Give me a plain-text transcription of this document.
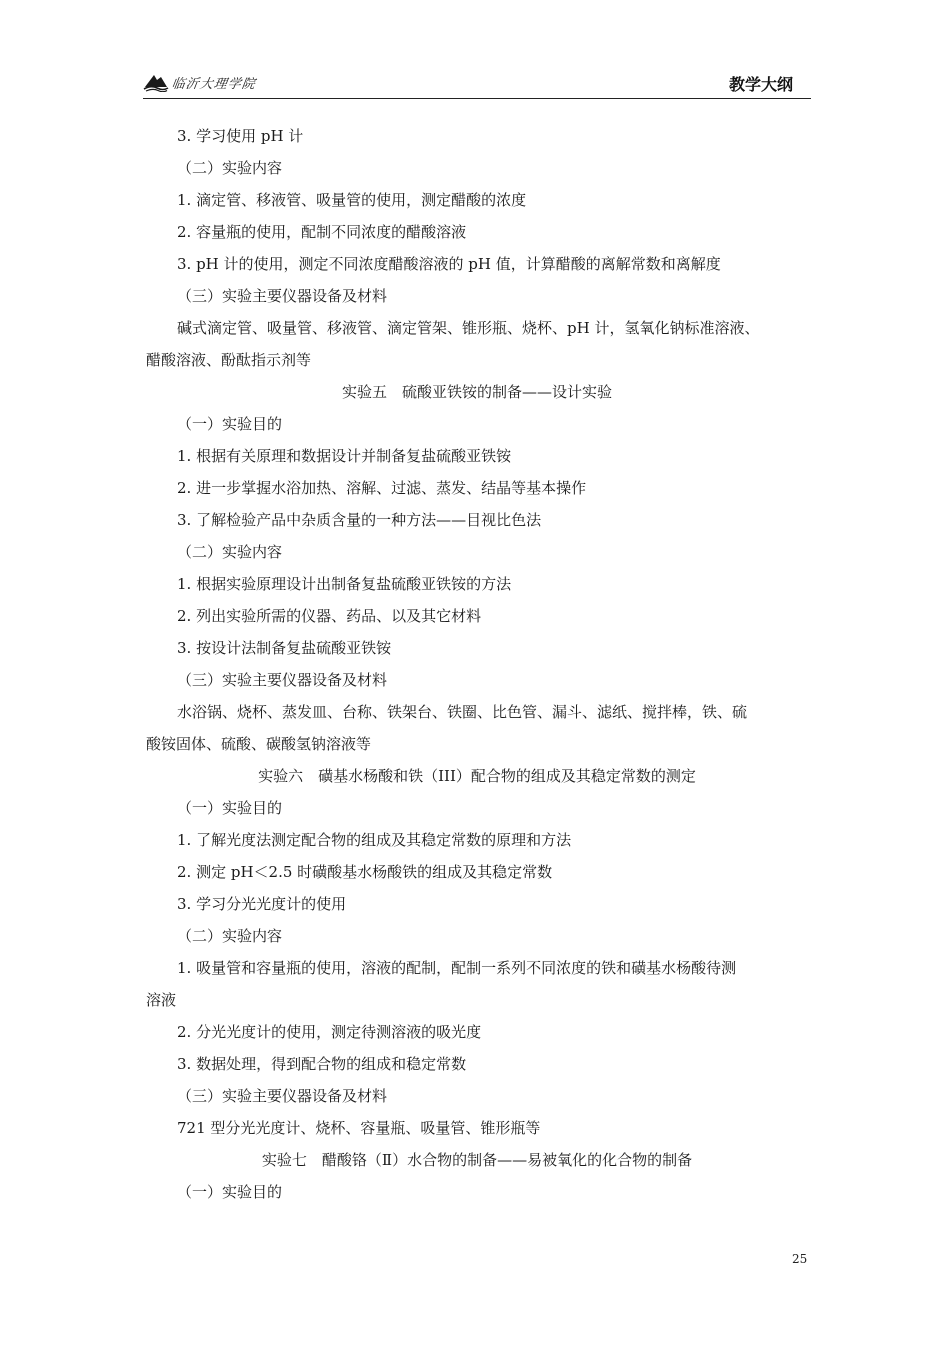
临沂大理学院	教学大纲
3. 学习使用 pH 计
（二）实验内容
1. 滴定管、移液管、吸量管的使用，测定醋酸的浓度
2. 容量瓶的使用，配制不同浓度的醋酸溶液
3. pH 计的使用，测定不同浓度醋酸溶液的 pH 值，计算醋酸的离解常数和离解度
（三）实验主要仪器设备及材料
碱式滴定管、吸量管、移液管、滴定管架、锥形瓶、烧杯、pH 计，氢氧化钠标准溶液、
醋酸溶液、酚酞指示剂等
实验五　硫酸亚铁铵的制备——设计实验
（一）实验目的
1. 根据有关原理和数据设计并制备复盐硫酸亚铁铵
2. 进一步掌握水浴加热、溶解、过滤、蒸发、结晶等基本操作
3. 了解检验产品中杂质含量的一种方法——目视比色法
（二）实验内容
1. 根据实验原理设计出制备复盐硫酸亚铁铵的方法
2. 列出实验所需的仪器、药品、以及其它材料
3. 按设计法制备复盐硫酸亚铁铵
（三）实验主要仪器设备及材料
水浴锅、烧杯、蒸发皿、台称、铁架台、铁圈、比色管、漏斗、滤纸、搅拌棒，铁、硫
酸铵固体、硫酸、碳酸氢钠溶液等
实验六　磺基水杨酸和铁（III）配合物的组成及其稳定常数的测定
（一）实验目的
1. 了解光度法测定配合物的组成及其稳定常数的原理和方法
2. 测定 pH＜2.5 时磺酸基水杨酸铁的组成及其稳定常数
3. 学习分光光度计的使用
（二）实验内容
1. 吸量管和容量瓶的使用，溶液的配制，配制一系列不同浓度的铁和磺基水杨酸待测
溶液
2. 分光光度计的使用，测定待测溶液的吸光度
3. 数据处理，得到配合物的组成和稳定常数
（三）实验主要仪器设备及材料
721 型分光光度计、烧杯、容量瓶、吸量管、锥形瓶等
实验七　醋酸铬（Ⅱ）水合物的制备——易被氧化的化合物的制备
（一）实验目的
25
